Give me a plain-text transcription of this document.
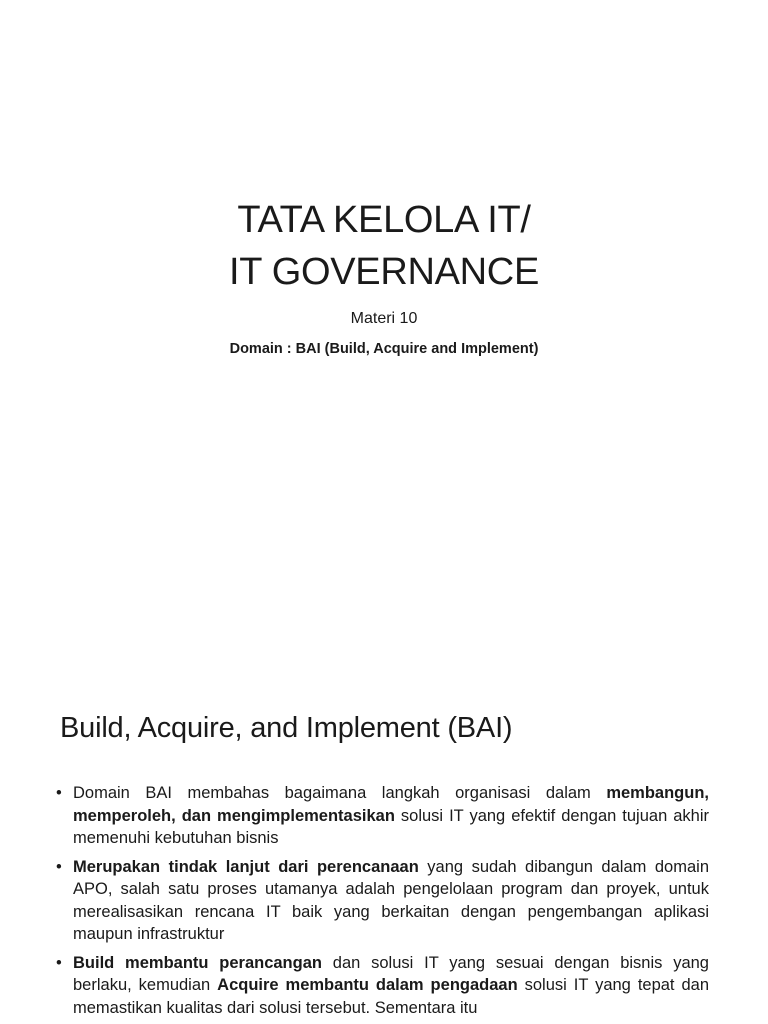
TATA KELOLA IT/
IT GOVERNANCE
Materi 10
Domain : BAI (Build, Acquire and Implement)
Build, Acquire, and Implement (BAI)
• Domain BAI membahas bagaimana langkah organisasi dalam membangun, memperoleh, dan mengimplementasikan solusi IT yang efektif dengan tujuan akhir memenuhi kebutuhan bisnis
• Merupakan tindak lanjut dari perencanaan yang sudah dibangun dalam domain APO, salah satu proses utamanya adalah pengelolaan program dan proyek, untuk merealisasikan rencana IT baik yang berkaitan dengan pengembangan aplikasi maupun infrastruktur
• Build membantu perancangan dan solusi IT yang sesuai dengan bisnis yang berlaku, kemudian Acquire membantu dalam pengadaan solusi IT yang tepat dan memastikan kualitas dari solusi tersebut. Sementara itu
